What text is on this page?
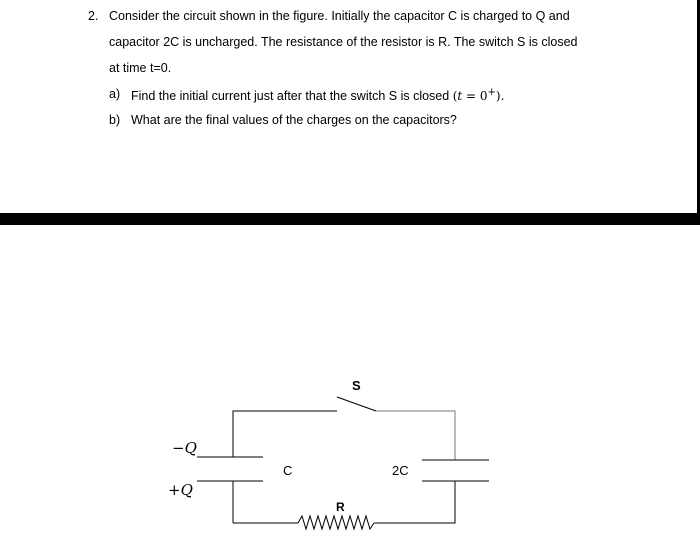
2. Consider the circuit shown in the figure. Initially the capacitor C is charged to Q and
capacitor 2C is uncharged. The resistance of the resistor is R. The switch S is closed
at time t=0.
a) Find the initial current just after that the switch S is closed (t = 0+).
b) What are the final values of the charges on the capacitors?
S
C	2C
R
−Q
+Q
